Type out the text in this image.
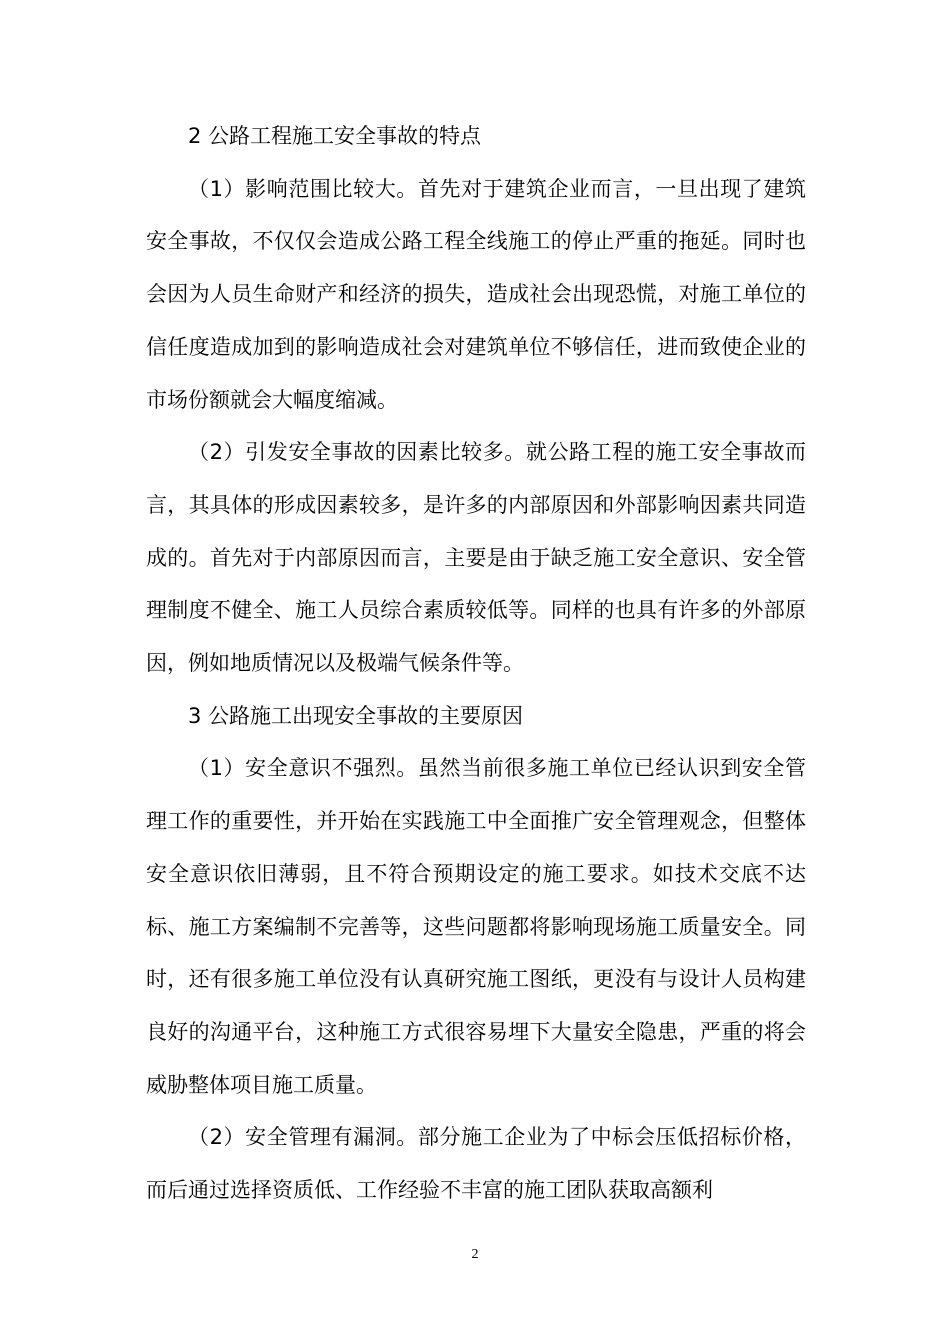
2 公路工程施工安全事故的特点

（1）影响范围比较大。首先对于建筑企业而言，一旦出现了建筑安全事故，不仅仅会造成公路工程全线施工的停止严重的拖延。同时也会因为人员生命财产和经济的损失，造成社会出现恐慌，对施工单位的信任度造成加到的影响造成社会对建筑单位不够信任，进而致使企业的市场份额就会大幅度缩减。

（2）引发安全事故的因素比较多。就公路工程的施工安全事故而言，其具体的形成因素较多，是许多的内部原因和外部影响因素共同造成的。首先对于内部原因而言，主要是由于缺乏施工安全意识、安全管理制度不健全、施工人员综合素质较低等。同样的也具有许多的外部原因，例如地质情况以及极端气候条件等。

3 公路施工出现安全事故的主要原因

（1）安全意识不强烈。虽然当前很多施工单位已经认识到安全管理工作的重要性，并开始在实践施工中全面推广安全管理观念，但整体安全意识依旧薄弱，且不符合预期设定的施工要求。如技术交底不达标、施工方案编制不完善等，这些问题都将影响现场施工质量安全。同时，还有很多施工单位没有认真研究施工图纸，更没有与设计人员构建良好的沟通平台，这种施工方式很容易埋下大量安全隐患，严重的将会威胁整体项目施工质量。

（2）安全管理有漏洞。部分施工企业为了中标会压低招标价格，而后通过选择资质低、工作经验不丰富的施工团队获取高额利

2
